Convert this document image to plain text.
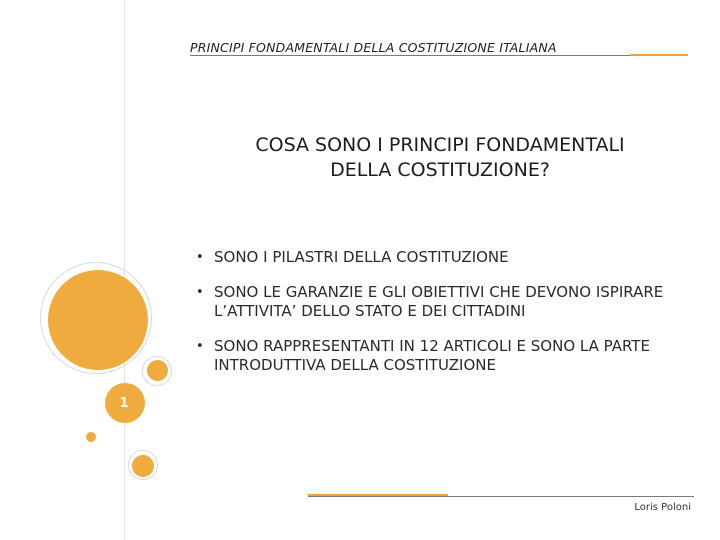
1
PRINCIPI FONDAMENTALI DELLA COSTITUZIONE ITALIANA
COSA SONO I PRINCIPI FONDAMENTALI
DELLA COSTITUZIONE?
• SONO I PILASTRI DELLA COSTITUZIONE
• SONO LE GARANZIE E GLI OBIETTIVI CHE DEVONO ISPIRARE L’ATTIVITA’ DELLO STATO E DEI CITTADINI
• SONO RAPPRESENTANTI IN 12 ARTICOLI E SONO LA PARTE INTRODUTTIVA DELLA COSTITUZIONE
Loris Poloni
